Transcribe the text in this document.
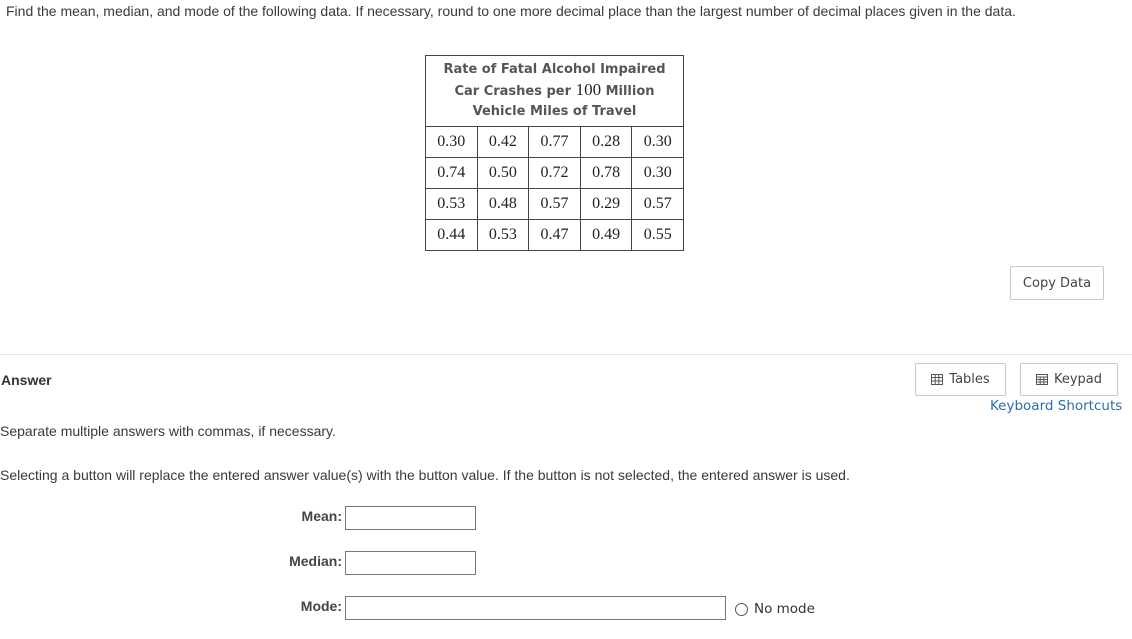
Find the mean, median, and mode of the following data. If necessary, round to one more decimal place than the largest number of decimal places given in the data.
Rate of Fatal Alcohol Impaired
Car Crashes per 100 Million
Vehicle Miles of Travel				
0.30	0.42	0.77	0.28	0.30
0.74	0.50	0.72	0.78	0.30
0.53	0.48	0.57	0.29	0.57
0.44	0.53	0.47	0.49	0.55
Copy Data
Answer	Tables	Keypad
Keyboard Shortcuts
Separate multiple answers with commas, if necessary.
Selecting a button will replace the entered answer value(s) with the button value. If the button is not selected, the entered answer is used.
Mean:
Median:
Mode:	No mode
